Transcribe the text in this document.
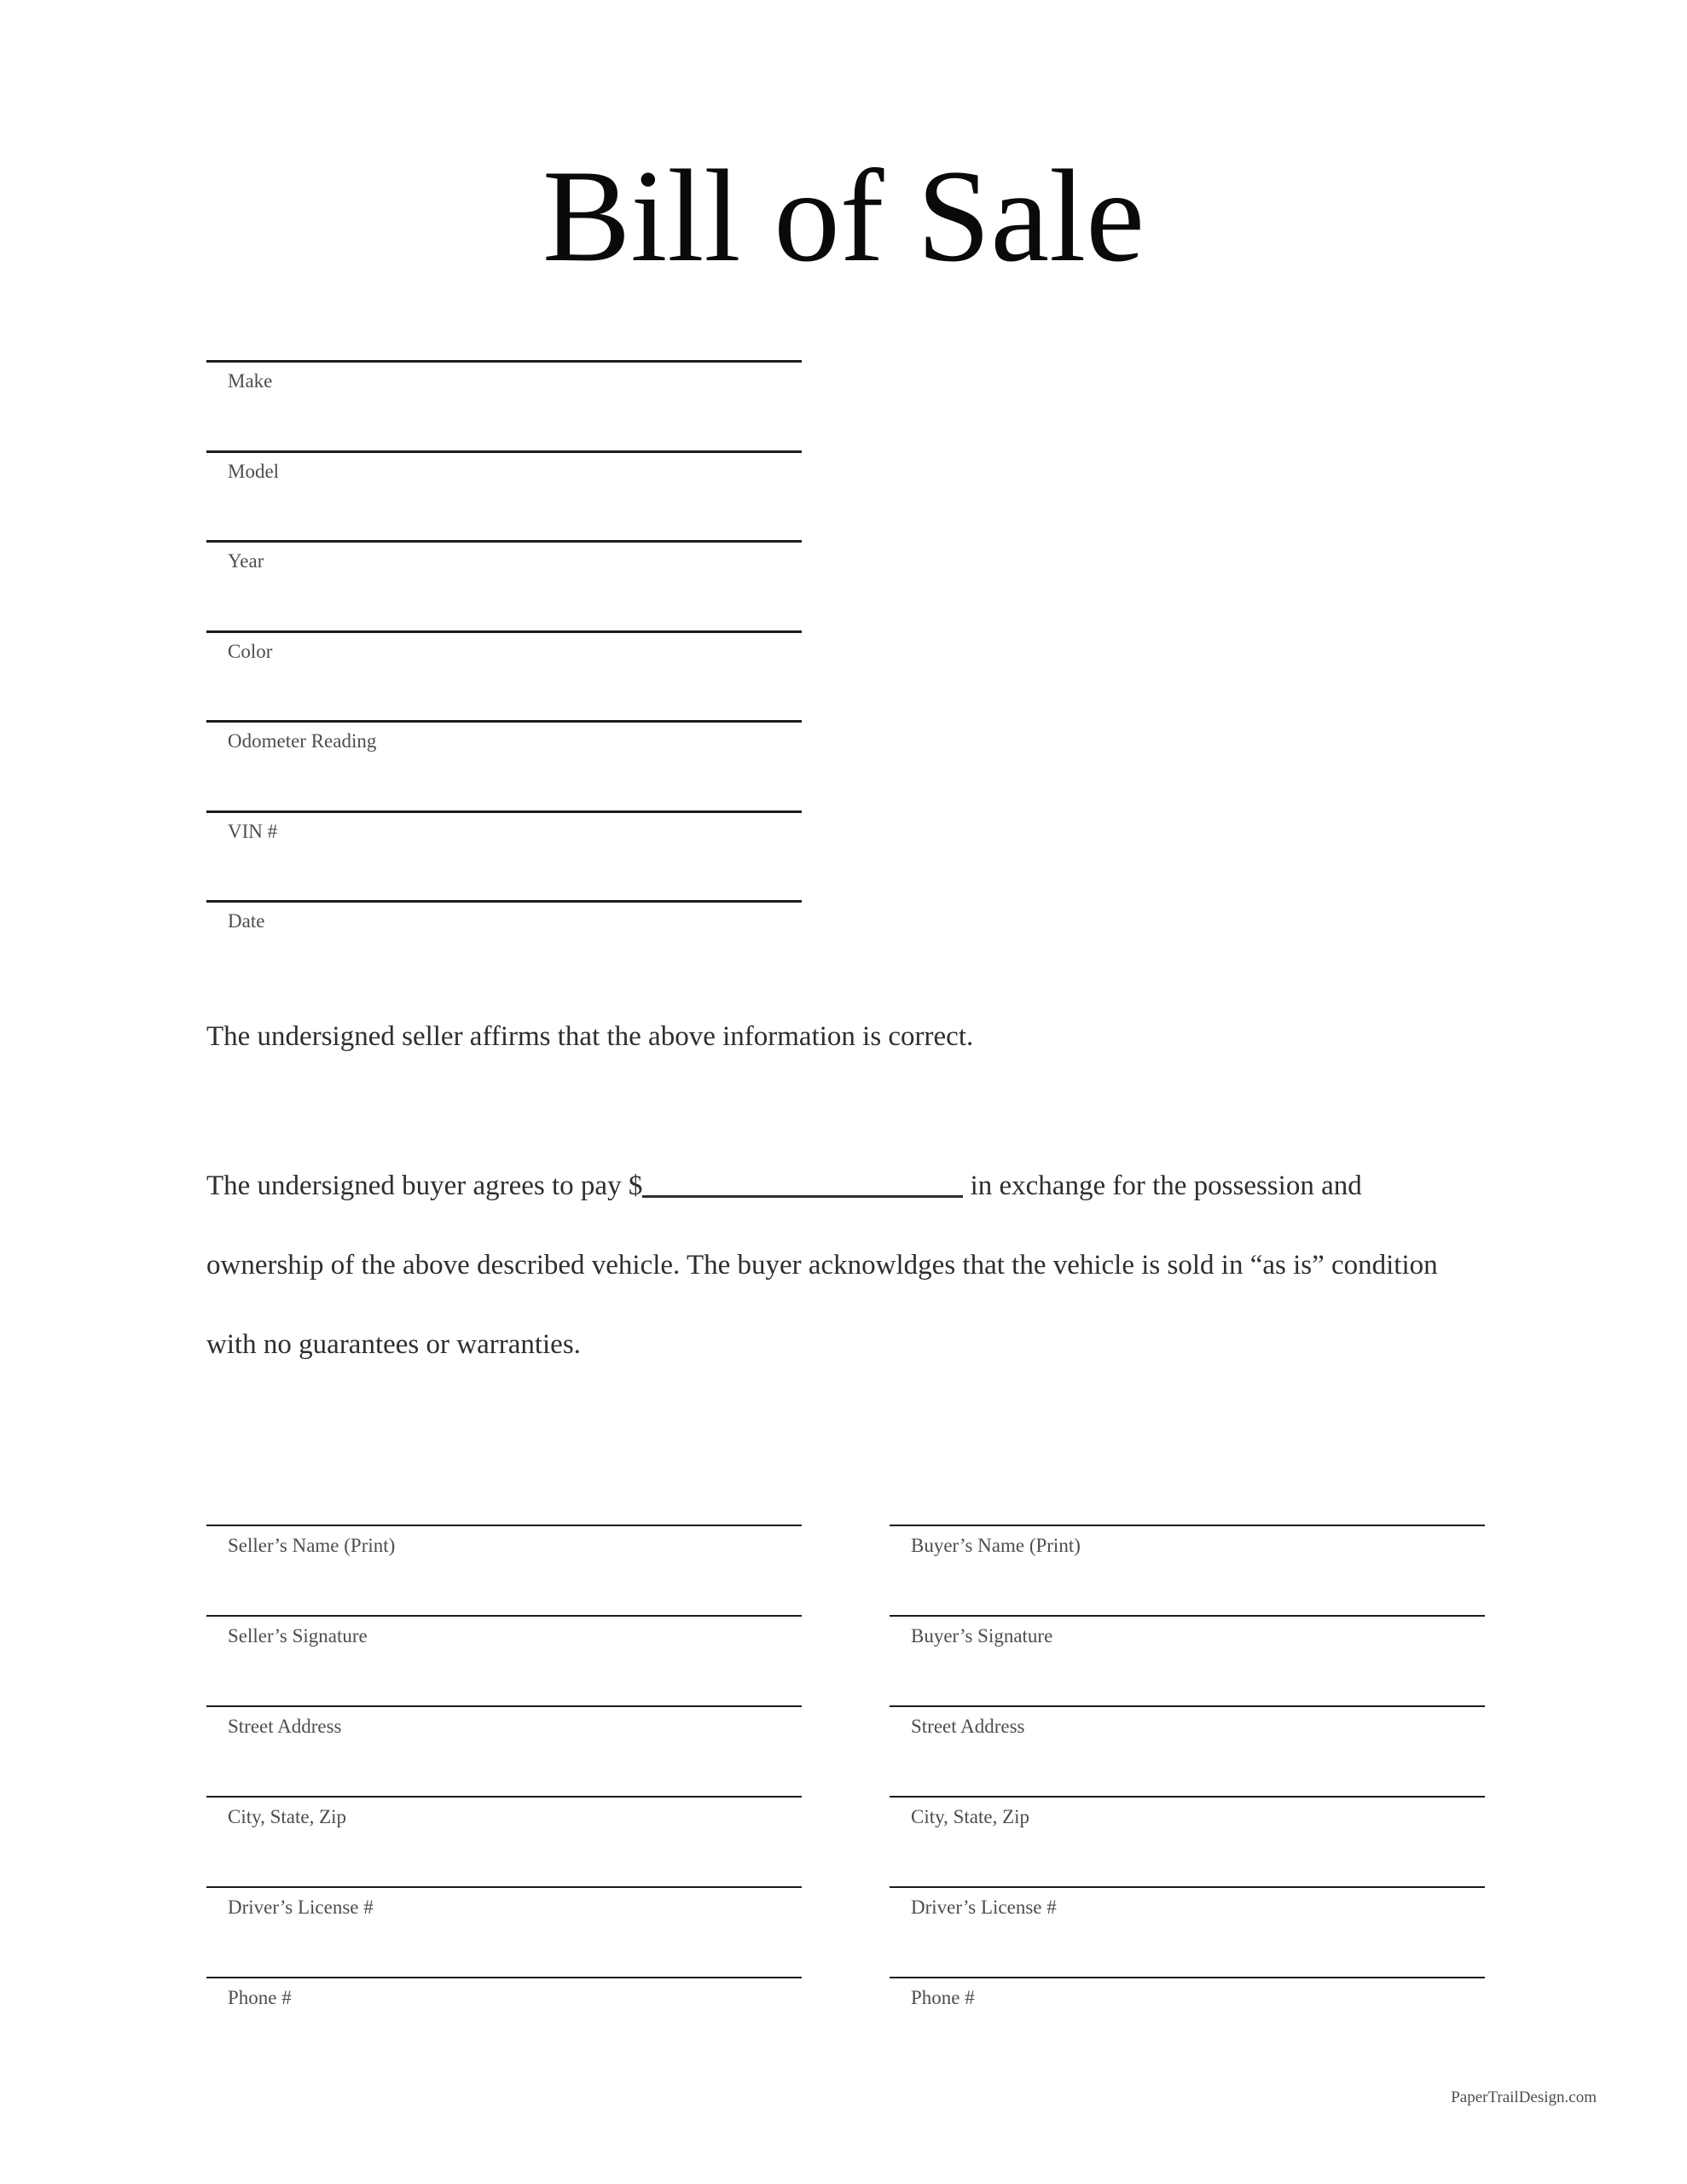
Bill of Sale
Make
Model
Year
Color
Odometer Reading
VIN #
Date

The undersigned seller affirms that the above information is correct.

The undersigned buyer agrees to pay $	in exchange for the possession and ownership of the above described vehicle. The buyer acknowldges that the vehicle is sold in “as is” condition with no guarantees or warranties.

Seller’s Name (Print)
Seller’s Signature
Street Address
City, State, Zip
Driver’s License #
Phone #
Buyer’s Name (Print)
Buyer’s Signature
Street Address
City, State, Zip
Driver’s License #
Phone #
PaperTrailDesign.com
